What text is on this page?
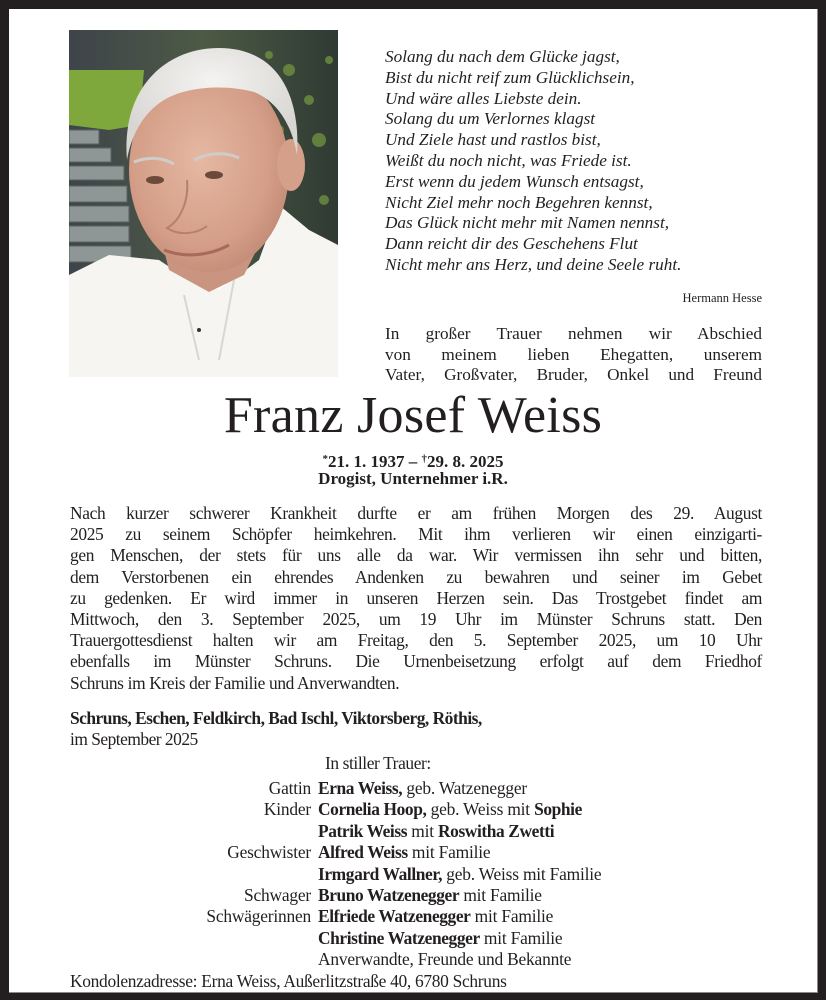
Solang du nach dem Glücke jagst,
Bist du nicht reif zum Glücklichsein,
Und wäre alles Liebste dein.
Solang du um Verlornes klagst
Und Ziele hast und rastlos bist,
Weißt du noch nicht, was Friede ist.
Erst wenn du jedem Wunsch entsagst,
Nicht Ziel mehr noch Begehren kennst,
Das Glück nicht mehr mit Namen nennst,
Dann reicht dir des Geschehens Flut
Nicht mehr ans Herz, und deine Seele ruht.
Hermann Hesse
In großer Trauer nehmen wir Abschied
von meinem lieben Ehegatten, unserem
Vater, Großvater, Bruder, Onkel und Freund
Franz Josef Weiss
*21. 1. 1937 – †29. 8. 2025
Drogist, Unternehmer i.R.
Nach kurzer schwerer Krankheit durfte er am frühen Morgen des 29. August
2025 zu seinem Schöpfer heimkehren. Mit ihm verlieren wir einen einzigarti-
gen Menschen, der stets für uns alle da war. Wir vermissen ihn sehr und bitten,
dem Verstorbenen ein ehrendes Andenken zu bewahren und seiner im Gebet
zu gedenken. Er wird immer in unseren Herzen sein. Das Trostgebet findet am
Mittwoch, den 3. September 2025, um 19 Uhr im Münster Schruns statt. Den
Trauergottesdienst halten wir am Freitag, den 5. September 2025, um 10 Uhr
ebenfalls im Münster Schruns. Die Urnenbeisetzung erfolgt auf dem Friedhof
Schruns im Kreis der Familie und Anverwandten.
Schruns, Eschen, Feldkirch, Bad Ischl, Viktorsberg, Röthis,
im September 2025
In stiller Trauer:
Gattin Erna Weiss, geb. Watzenegger
Kinder Cornelia Hoop, geb. Weiss mit Sophie
Patrik Weiss mit Roswitha Zwetti
Geschwister Alfred Weiss mit Familie
Irmgard Wallner, geb. Weiss mit Familie
Schwager Bruno Watzenegger mit Familie
Schwägerinnen Elfriede Watzenegger mit Familie
Christine Watzenegger mit Familie
Anverwandte, Freunde und Bekannte
Kondolenzadresse: Erna Weiss, Außerlitzstraße 40, 6780 Schruns
